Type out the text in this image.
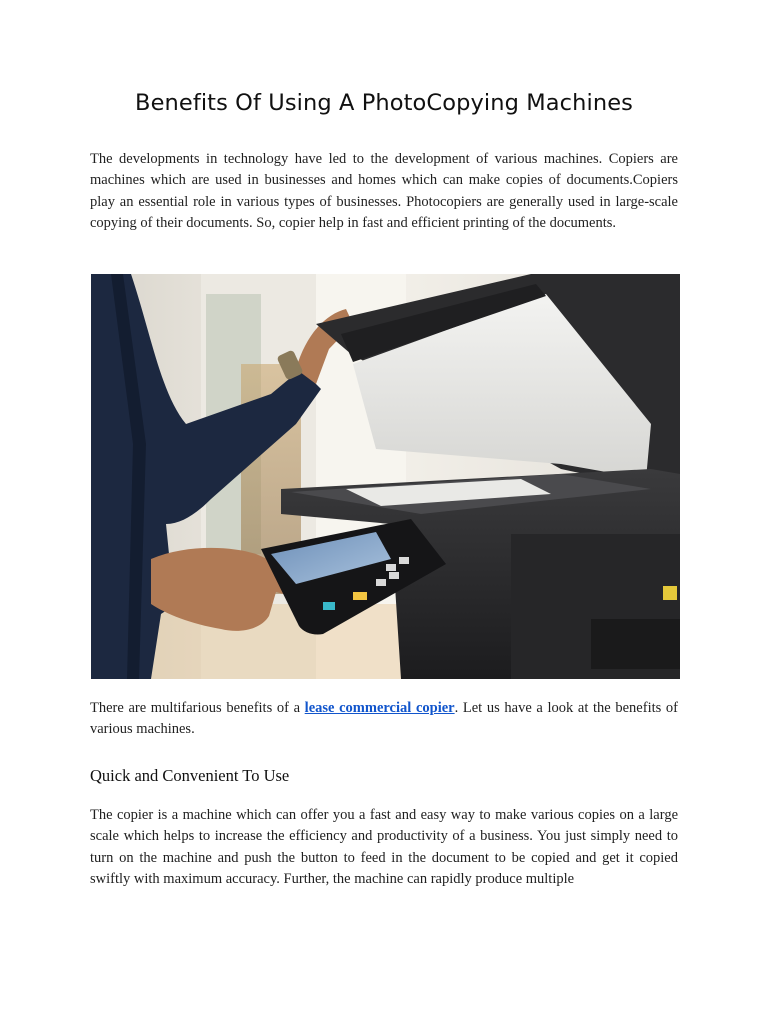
Benefits Of Using A PhotoCopying Machines

The developments in technology have led to the development of various machines. Copiers are machines which are used in businesses and homes which can make copies of documents.Copiers play an essential role in various types of businesses. Photocopiers are generally used in large-scale copying of their documents. So, copier help in fast and efficient printing of the documents.

There are multifarious benefits of a lease commercial copier. Let us have a look at the benefits of various machines.

Quick and Convenient To Use

The copier is a machine which can offer you a fast and easy way to make various copies on a large scale which helps to increase the efficiency and productivity of a business. You just simply need to turn on the machine and push the button to feed in the document to be copied and get it copied swiftly with maximum accuracy. Further, the machine can rapidly produce multiple
